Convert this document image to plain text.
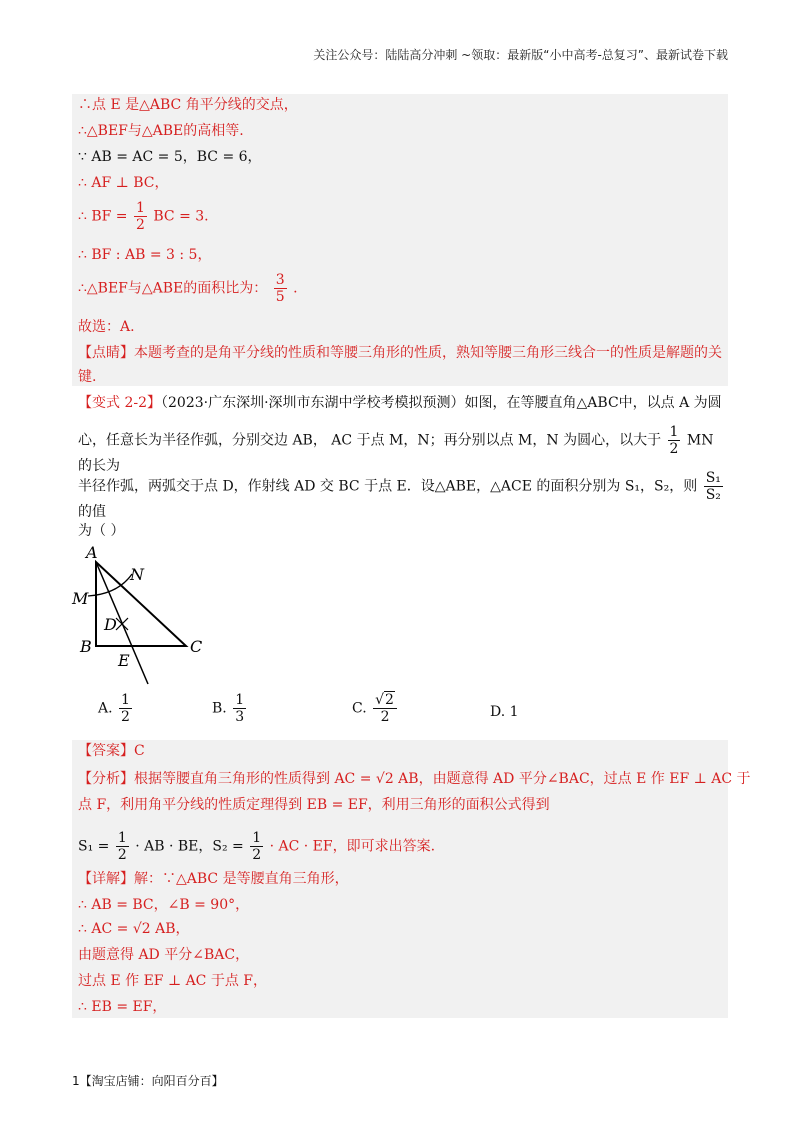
关注公众号：陆陆高分冲刺 ~领取：最新版“小中高考-总复习”、最新试卷下载
∴点 E 是△ABC 角平分线的交点，
∴△BEF与△ABE的高相等.
∵ AB = AC = 5，BC = 6，
∴ AF ⊥ BC，
∴ BF = $\frac{1}{2}$ BC = 3.
∴ BF : AB = 3 : 5，
∴△BEF与△ABE的面积比为： $\frac{3}{5}$ .
故选：A.
【点睛】本题考查的是角平分线的性质和等腰三角形的性质，熟知等腰三角形三线合一的性质是解题的关
键.
【变式 2-2】（2023·广东深圳·深圳市东湖中学校考模拟预测）如图，在等腰直角△ABC中，以点 A 为圆
心，任意长为半径作弧，分别交边 AB， AC 于点 M，N；再分别以点 M，N 为圆心，以大于 $\frac{1}{2}$ MN 的长为
半径作弧，两弧交于点 D，作射线 AD 交 BC 于点 E．设△ABE，△ACE 的面积分别为 S₁，S₂，则 $\frac{\text{S₁}}{\text{S₂}}$
的值
为（ ）
A
N
M
D
B	C
E
A. $\frac{1}{2}$	B. $\frac{1}{3}$	C. $\frac{√2}{2}$	D. 1
【答案】C
【分析】根据等腰直角三角形的性质得到 AC = √2 AB，由题意得 AD 平分∠BAC，过点 E 作 EF ⊥ AC 于
点 F，利用角平分线的性质定理得到 EB = EF，利用三角形的面积公式得到
$S_1 = \frac{1}{2}$ · AB · BE，$S_2 = \frac{1}{2}$ · AC · EF，即可求出答案.
【详解】解：∵△ABC 是等腰直角三角形，
∴ AB = BC，∠B = 90°，
∴ AC = √2 AB，
由题意得 AD 平分∠BAC，
过点 E 作 EF ⊥ AC 于点 F，
∴ EB = EF，
1【淘宝店铺：向阳百分百】
